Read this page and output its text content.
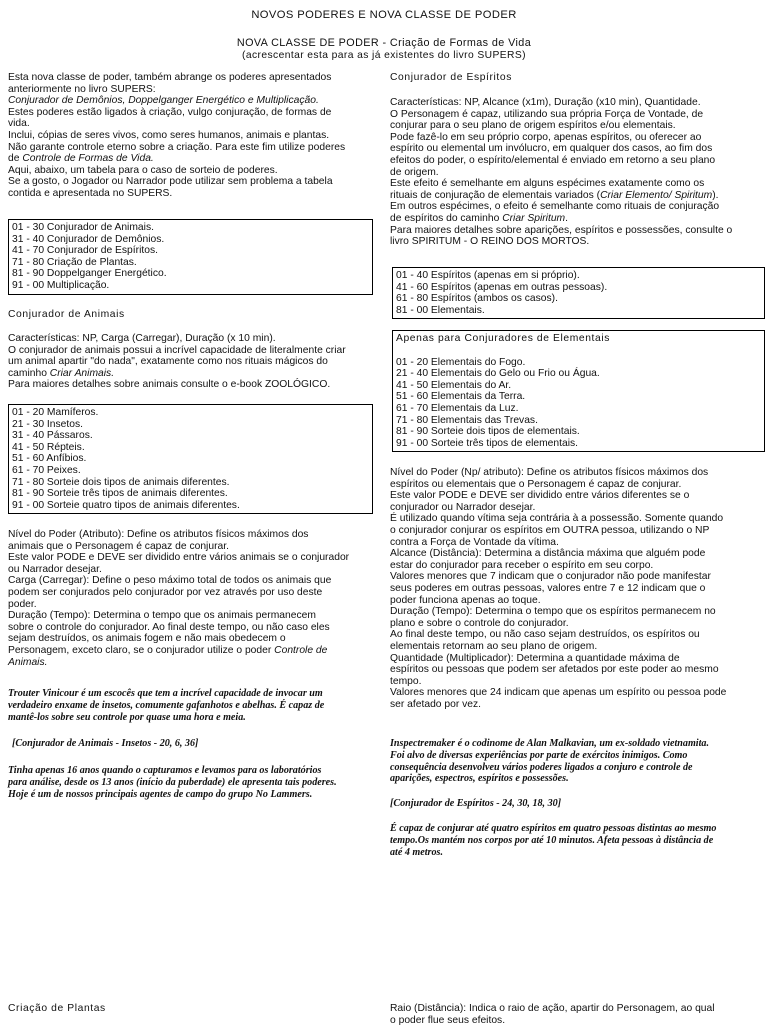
NOVOS PODERES E NOVA CLASSE DE PODER
NOVA CLASSE DE PODER - Criação de Formas de Vida
(acrescentar esta para as já existentes do livro SUPERS)

Esta nova classe de poder, também abrange os poderes apresentados

anteriormente no livro SUPERS:

Conjurador de Demônios, Doppelganger Energético e Multiplicação.

Estes poderes estão ligados à criação, vulgo conjuração, de formas de

vida.

Inclui, cópias de seres vivos, como seres humanos, animais e plantas.

Não garante controle eterno sobre a criação. Para este fim utilize poderes

de Controle de Formas de Vida.

Aqui, abaixo, um tabela para o caso de sorteio de poderes.

Se a gosto, o Jogador ou Narrador pode utilizar sem problema a tabela

contida e apresentada no SUPERS.

01 - 30 Conjurador de Animais.

31 - 40 Conjurador de Demônios.

41 - 70 Conjurador de Espíritos.

71 - 80 Criação de Plantas.

81 - 90 Doppelganger Energético.

91 - 00 Multiplicação.

Conjurador de Animais

Características: NP, Carga (Carregar), Duração (x 10 min).

O conjurador de animais possui a incrível capacidade de literalmente criar

um animal apartir "do nada", exatamente como nos rituais mágicos do

caminho Criar Animais.

Para maiores detalhes sobre animais consulte o e-book ZOOLÓGICO.

01 - 20 Mamíferos.

21 - 30 Insetos.

31 - 40 Pássaros.

41 - 50 Répteis.

51 - 60 Anfíbios.

61 - 70 Peixes.

71 - 80 Sorteie dois tipos de animais diferentes.

81 - 90 Sorteie três tipos de animais diferentes.

91 - 00 Sorteie quatro tipos de animais diferentes.

Nível do Poder (Atributo): Define os atributos físicos máximos dos

animais que o Personagem é capaz de conjurar.

Este valor PODE e DEVE ser dividido entre vários animais se o conjurador

ou Narrador desejar.

Carga (Carregar): Define o peso máximo total de todos os animais que

podem ser conjurados pelo conjurador por vez através por uso deste

poder.

Duração (Tempo): Determina o tempo que os animais permanecem

sobre o controle do conjurador. Ao final deste tempo, ou não caso eles

sejam destruídos, os animais fogem e não mais obedecem o

Personagem, exceto claro, se o conjurador utilize o poder Controle de

Animais.

Trouter Vinicour é um escocês que tem a incrível capacidade de invocar um

verdadeiro enxame de insetos, comumente gafanhotos e abelhas. É capaz de

mantê-los sobre seu controle por quase uma hora e meia.

[Conjurador de Animais - Insetos - 20, 6, 36]

Tinha apenas 16 anos quando o capturamos e levamos para os laboratórios

para análise, desde os 13 anos (início da puberdade) ele apresenta tais poderes.

Hoje é um de nossos principais agentes de campo do grupo No Lammers.

Criação de Plantas
Conjurador de Espíritos

Características: NP, Alcance (x1m), Duração (x10 min), Quantidade.

O Personagem é capaz, utilizando sua própria Força de Vontade, de

conjurar para o seu plano de origem espíritos e/ou elementais.

Pode fazê-lo em seu próprio corpo, apenas espíritos, ou oferecer ao

espírito ou elemental um invólucro, em qualquer dos casos, ao fim dos

efeitos do poder, o espírito/elemental é enviado em retorno a seu plano

de origem.

Este efeito é semelhante em alguns espécimes exatamente como os

rituais de conjuração de elementais variados (Criar Elemento/ Spiritum).

Em outros espécimes, o efeito é semelhante como rituais de conjuração

de espíritos do caminho Criar Spiritum.

Para maiores detalhes sobre aparições, espíritos e possessões, consulte o

livro SPIRITUM - O REINO DOS MORTOS.

01 - 40 Espíritos (apenas em si próprio).

41 - 60 Espíritos (apenas em outras pessoas).

61 - 80 Espíritos (ambos os casos).

81 - 00 Elementais.

Apenas para Conjuradores de Elementais

01 - 20 Elementais do Fogo.

21 - 40 Elementais do Gelo ou Frio ou Água.

41 - 50 Elementais do Ar.

51 - 60 Elementais da Terra.

61 - 70 Elementais da Luz.

71 - 80 Elementais das Trevas.

81 - 90 Sorteie dois tipos de elementais.

91 - 00 Sorteie três tipos de elementais.

Nível do Poder (Np/ atributo): Define os atributos físicos máximos dos

espíritos ou elementais que o Personagem é capaz de conjurar.

Este valor PODE e DEVE ser dividido entre vários diferentes se o

conjurador ou Narrador desejar.

É utilizado quando vítima seja contrária à a possessão. Somente quando

o conjurador conjurar os espíritos em OUTRA pessoa, utilizando o NP

contra a Força de Vontade da vítima.

Alcance (Distância): Determina a distância máxima que alguém pode

estar do conjurador para receber o espírito em seu corpo.

Valores menores que 7 indicam que o conjurador não pode manifestar

seus poderes em outras pessoas, valores entre 7 e 12 indicam que o

poder funciona apenas ao toque.

Duração (Tempo): Determina o tempo que os espíritos permanecem no

plano e sobre o controle do conjurador.

Ao final deste tempo, ou não caso sejam destruídos, os espíritos ou

elementais retornam ao seu plano de origem.

Quantidade (Multiplicador): Determina a quantidade máxima de

espíritos ou pessoas que podem ser afetados por este poder ao mesmo

tempo.

Valores menores que 24 indicam que apenas um espírito ou pessoa pode

ser afetado por vez.

Inspectremaker é o codinome de Alan Malkavian, um ex-soldado vietnamita.

Foi alvo de diversas experiências por parte de exércitos inimigos. Como

consequência desenvolveu vários poderes ligados a conjuro e controle de

aparições, espectros, espíritos e possessões.

[Conjurador de Espíritos - 24, 30, 18, 30]

É capaz de conjurar até quatro espíritos em quatro pessoas distintas ao mesmo

tempo.Os mantém nos corpos por até 10 minutos. Afeta pessoas à distância de

até 4 metros.

Raio (Distância): Indica o raio de ação, apartir do Personagem, ao qual

o poder flue seus efeitos.
